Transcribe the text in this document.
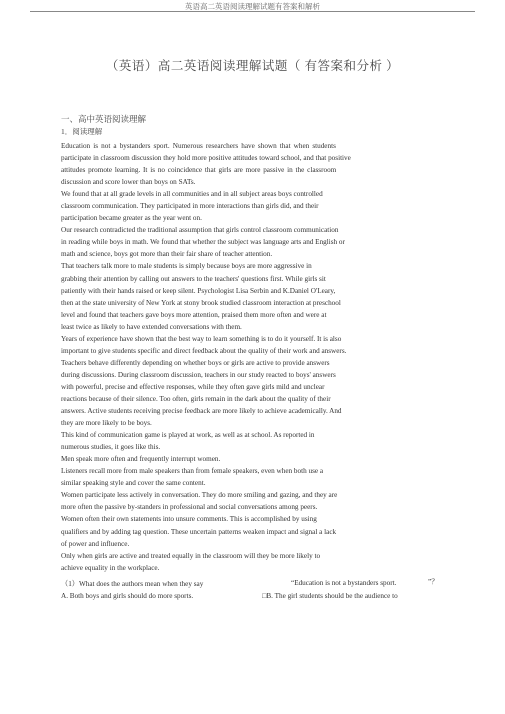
英语高二英语阅读理解试题有答案和解析
（英语）高二英语阅读理解试题（ 有答案和分析 ）
一、高中英语阅读理解
1．阅读理解

Education is not a bystanders sport. Numerous researchers have shown that when students

participate in classroom discussion they hold more positive attitudes toward school, and that positive

attitudes promote learning. It is no coincidence that girls are more passive in the classroom

discussion and score lower than boys on SATs.

We found that at all grade levels in all communities and in all subject areas boys controlled

classroom communication. They participated in more interactions than girls did, and their

participation became greater as the year went on.

Our research contradicted the traditional assumption that girls control classroom communication

in reading while boys in math. We found that whether the subject was language arts and English or

math and science, boys got more than their fair share of teacher attention.

That teachers talk more to male students is simply because boys are more aggressive in

grabbing their attention by calling out answers to the teachers' questions first. While girls sit

patiently with their hands raised or keep silent. Psychologist Lisa Serbin and K.Daniel O'Leary,

then at the state university of New York at stony brook studied classroom interaction at preschool

level and found that teachers gave boys more attention, praised them more often and were at

least twice as likely to have extended conversations with them.

Years of experience have shown that the best way to learn something is to do it yourself. It is also

important to give students specific and direct feedback about the quality of their work and answers.

Teachers behave differently depending on whether boys or girls are active to provide answers

during discussions. During classroom discussion, teachers in our study reacted to boys' answers

with powerful, precise and effective responses, while they often gave girls mild and unclear

reactions because of their silence. Too often, girls remain in the dark about the quality of their

answers. Active students receiving precise feedback are more likely to achieve academically. And

they are more likely to be boys.

This kind of communication game is played at work, as well as at school. As reported in

numerous studies, it goes like this.

Men speak more often and frequently interrupt women.

Listeners recall more from male speakers than from female speakers, even when both use a

similar speaking style and cover the same content.

Women participate less actively in conversation. They do more smiling and gazing, and they are

more often the passive by-standers in professional and social conversations among peers.

Women often their own statements into unsure comments. This is accomplished by using

qualifiers and by adding tag question. These uncertain patterns weaken impact and signal a lack

of power and influence.

Only when girls are active and treated equally in the classroom will they be more likely to

achieve equality in the workplace.

（1）What does the authors mean when they say	“Education is not a bystanders sport.	”？
A. Both boys and girls should do more sports.	□B. The girl students should be the audience to
